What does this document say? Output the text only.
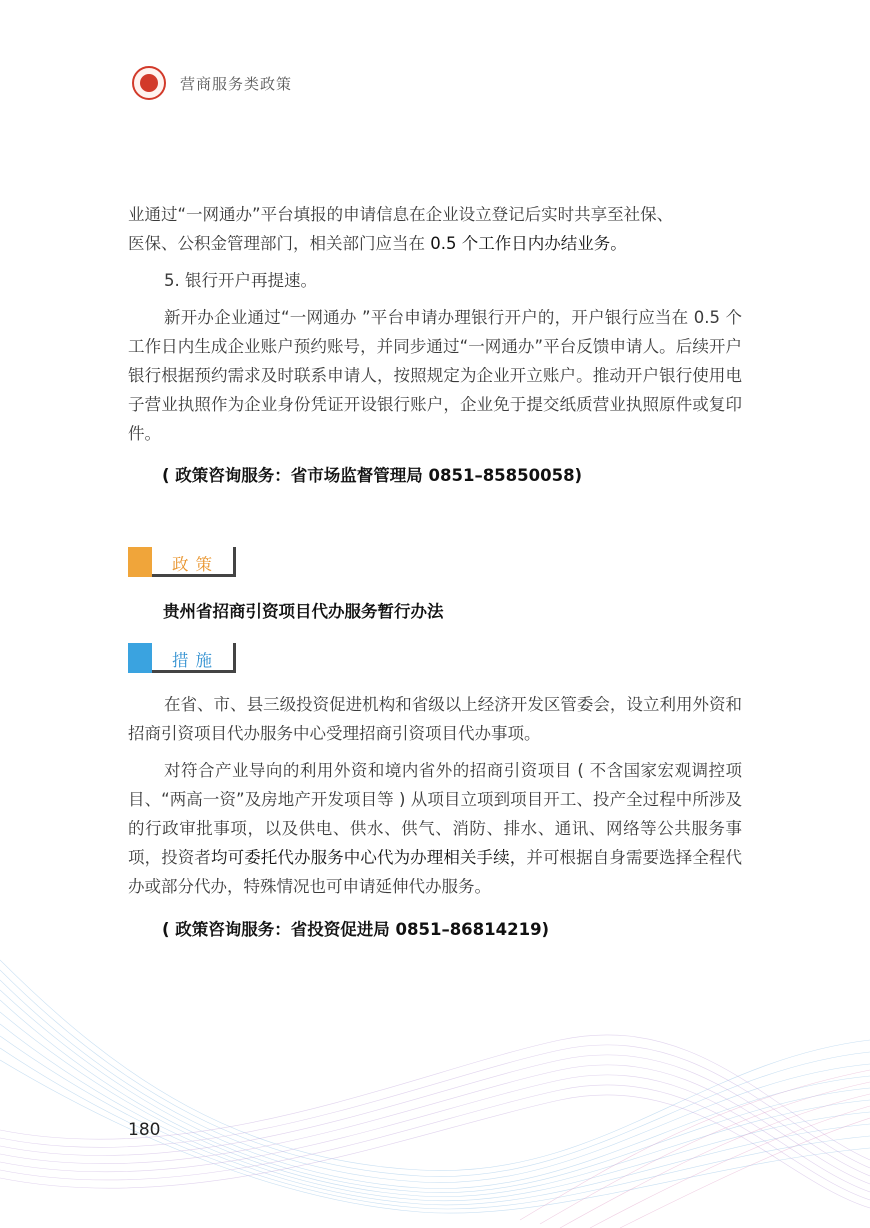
营商服务类政策

业通过“一网通办”平台填报的申请信息在企业设立登记后实时共享至社保、
医保、公积金管理部门，相关部门应当在 0.5 个工作日内办结业务。

5. 银行开户再提速。

新开办企业通过“一网通办 ”平台申请办理银行开户的，开户银行应当在 0.5 个工作日内生成企业账户预约账号，并同步通过“一网通办”平台反馈申请人。后续开户银行根据预约需求及时联系申请人，按照规定为企业开立账户。推动开户银行使用电子营业执照作为企业身份凭证开设银行账户，企业免于提交纸质营业执照原件或复印件。

( 政策咨询服务：省市场监督管理局 0851–85850058)
政策
贵州省招商引资项目代办服务暂行办法
措施

在省、市、县三级投资促进机构和省级以上经济开发区管委会，设立利用外资和招商引资项目代办服务中心受理招商引资项目代办事项。

对符合产业导向的利用外资和境内省外的招商引资项目 ( 不含国家宏观调控项目、“两高一资”及房地产开发项目等 ) 从项目立项到项目开工、投产全过程中所涉及的行政审批事项，以及供电、供水、供气、消防、排水、通讯、网络等公共服务事项，投资者均可委托代办服务中心代为办理相关手续，并可根据自身需要选择全程代办或部分代办，特殊情况也可申请延伸代办服务。

( 政策咨询服务：省投资促进局 0851–86814219)
180
